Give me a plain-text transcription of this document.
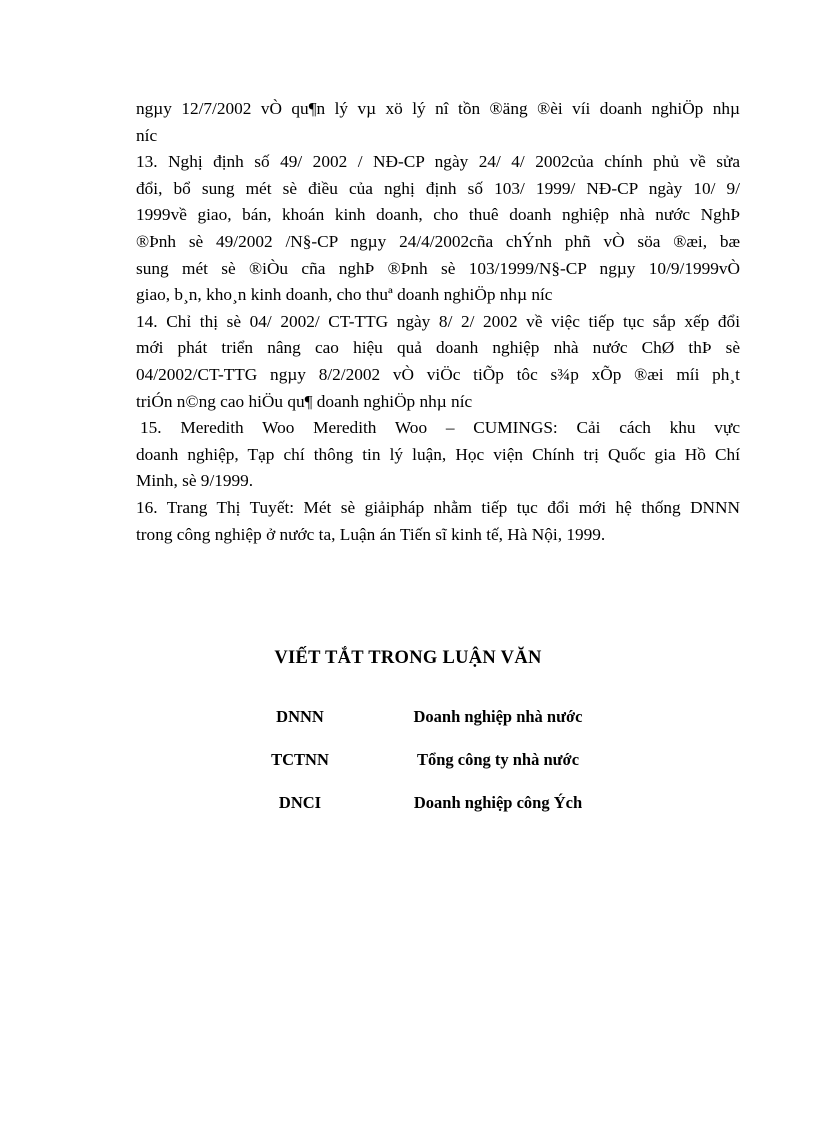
ngµy 12/7/2002 vÒ qu¶n lý vµ xö lý nî tồn ®äng ®èi víi doanh nghiÖp nhµ
níc
13. Nghị định số 49/ 2002 / NĐ-CP ngày 24/ 4/ 2002của chính phủ về sửa
đổi, bổ sung mét sè điều của nghị định số 103/ 1999/ NĐ-CP ngày 10/ 9/
1999về giao, bán, khoán kinh doanh, cho thuê doanh nghiệp nhà nước NghÞ
®Þnh sè 49/2002 /N§-CP ngµy 24/4/2002cña chÝnh phñ vÒ söa ®æi, bæ
sung mét sè ®iÒu cña nghÞ ®Þnh sè 103/1999/N§-CP ngµy 10/9/1999vÒ
giao, b¸n, kho¸n kinh doanh, cho thuª doanh nghiÖp nhµ níc
14. Chỉ thị sè 04/ 2002/ CT-TTG ngày 8/ 2/ 2002 về việc tiếp tục sắp xếp đổi
mới phát triển nâng cao hiệu quả doanh nghiệp nhà nước ChØ thÞ sè
04/2002/CT-TTG ngµy 8/2/2002 vÒ viÖc tiÕp tôc s¾p xÕp ®æi míi ph¸t
triÓn n©ng cao hiÖu qu¶ doanh nghiÖp nhµ níc
15. Meredith Woo Meredith Woo – CUMINGS: Cải cách khu vực
doanh nghiệp, Tạp chí thông tin lý luận, Học viện Chính trị Quốc gia Hồ Chí
Minh, sè 9/1999.
16. Trang Thị Tuyết: Mét sè giảipháp nhằm tiếp tục đổi mới hệ thống DNNN
trong công nghiệp ở nước ta, Luận án Tiến sĩ kinh tế, Hà Nội, 1999.
VIẾT TẮT TRONG LUẬN VĂN
DNNN	Doanh nghiệp nhà nước
TCTNN	Tổng công ty nhà nước
DNCI	Doanh nghiệp công Ých
